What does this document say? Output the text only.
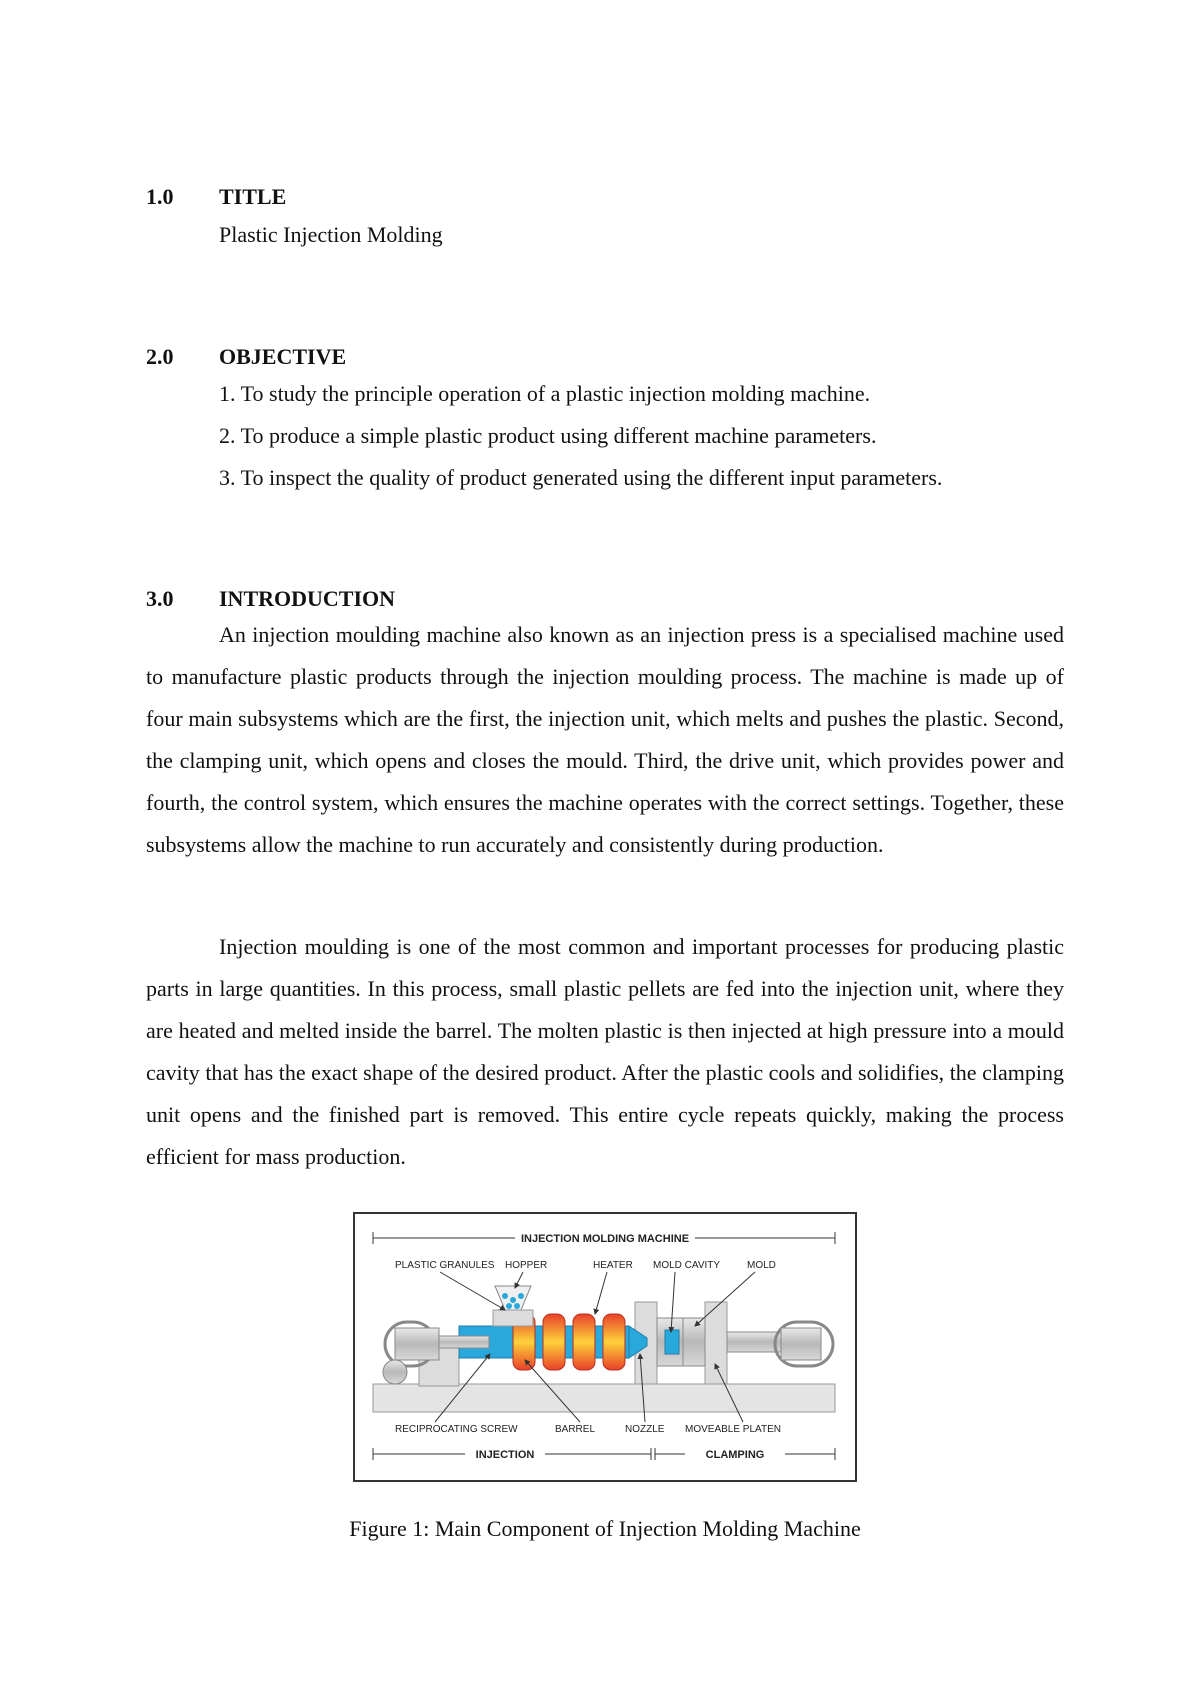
1.0 TITLE
Plastic Injection Molding
2.0 OBJECTIVE
1. To study the principle operation of a plastic injection molding machine.
2. To produce a simple plastic product using different machine parameters.
3. To inspect the quality of product generated using the different input parameters.
3.0 INTRODUCTION

An injection moulding machine also known as an injection press is a specialised machine used to manufacture plastic products through the injection moulding process. The machine is made up of four main subsystems which are the first, the injection unit, which melts and pushes the plastic. Second, the clamping unit, which opens and closes the mould. Third, the drive unit, which provides power and fourth, the control system, which ensures the machine operates with the correct settings. Together, these subsystems allow the machine to run accurately and consistently during production.

Injection moulding is one of the most common and important processes for producing plastic parts in large quantities. In this process, small plastic pellets are fed into the injection unit, where they are heated and melted inside the barrel. The molten plastic is then injected at high pressure into a mould cavity that has the exact shape of the desired product. After the plastic cools and solidifies, the clamping unit opens and the finished part is removed. This entire cycle repeats quickly, making the process efficient for mass production.

INJECTION MOLDING MACHINE
PLASTIC GRANULES HOPPER	HEATER MOLD CAVITY	MOLD
RECIPROCATING SCREW	BARREL	NOZZLE MOVEABLE PLATEN
INJECTION	CLAMPING
Figure 1: Main Component of Injection Molding Machine
